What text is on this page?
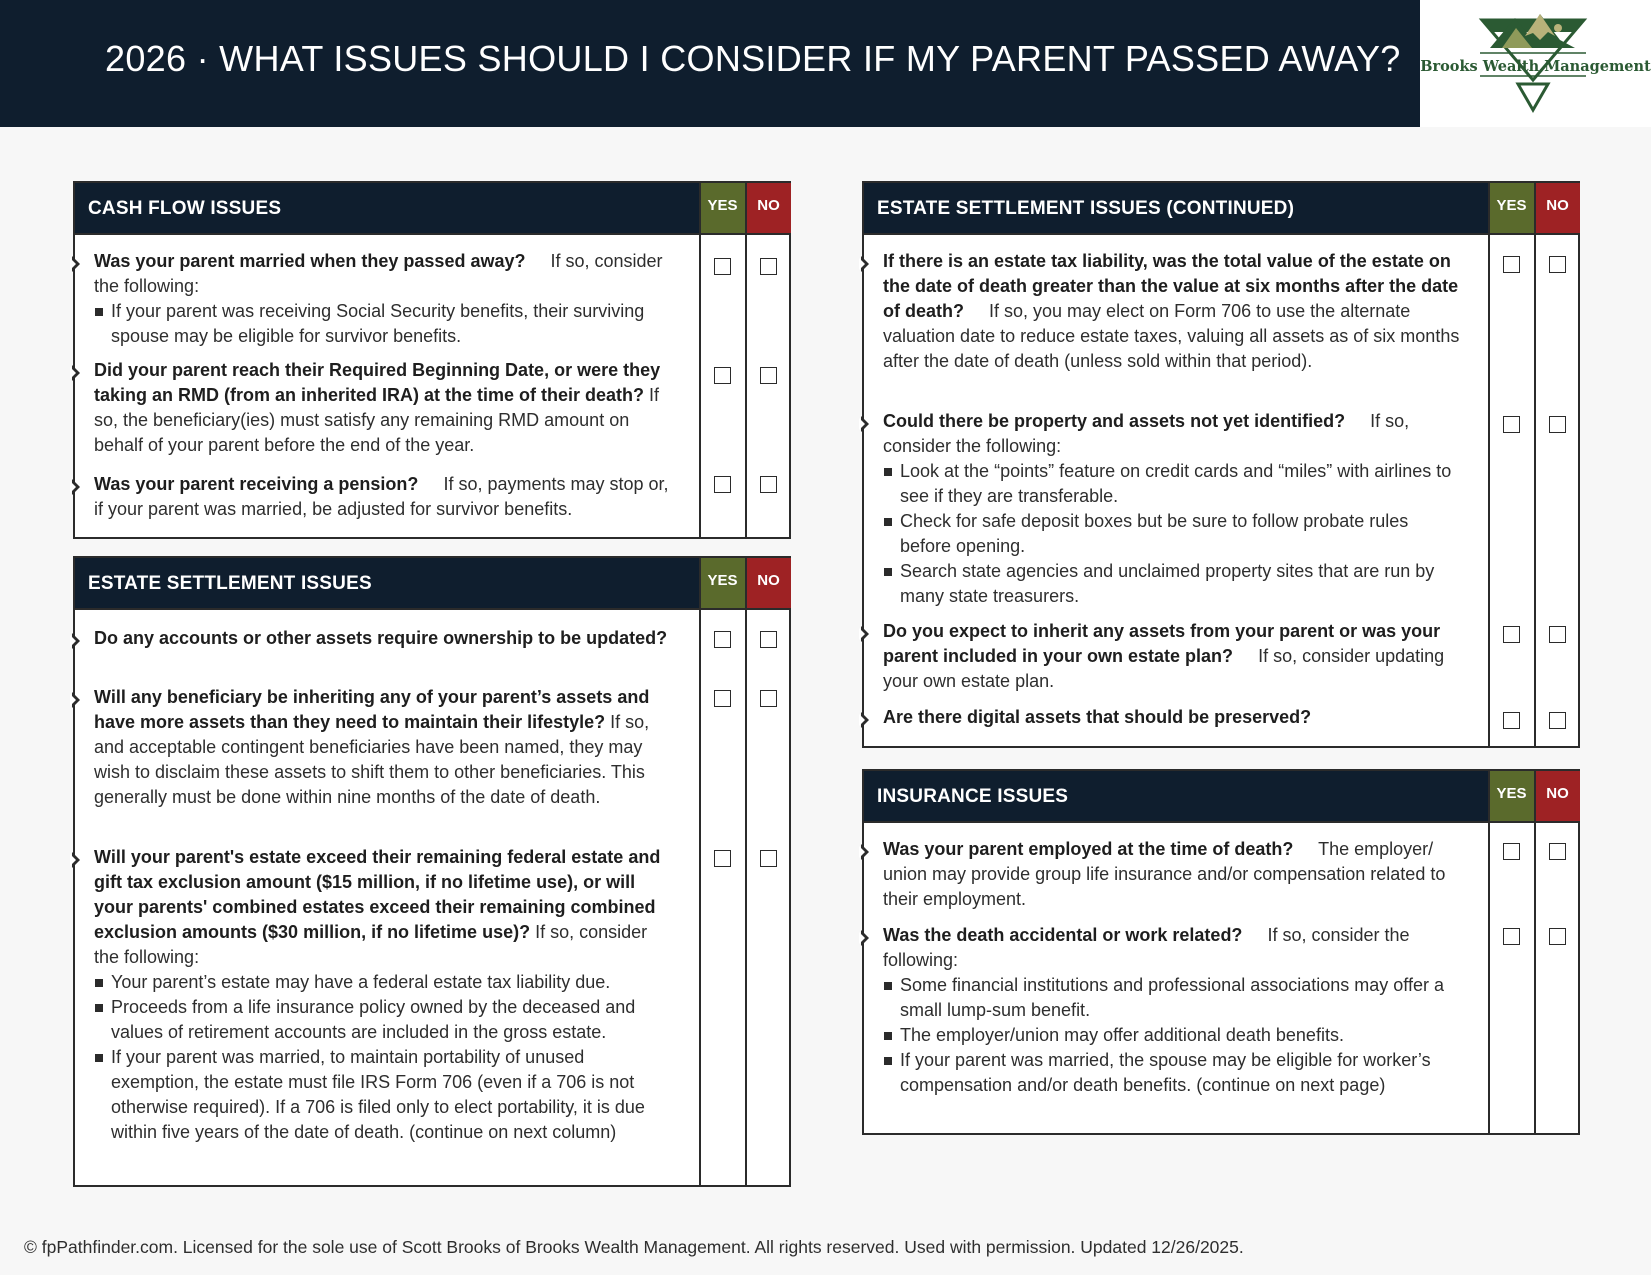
2026 · WHAT ISSUES SHOULD I CONSIDER IF MY PARENT PASSED AWAY? Brooks Wealth Management
CASH FLOW ISSUES	YES	NO
Was your parent married when they passed away? If so, consider the following:
If your parent was receiving Social Security benefits, their surviving spouse may be eligible for survivor benefits.
Did your parent reach their Required Beginning Date, or were they taking an RMD (from an inherited IRA) at the time of their death? If so, the beneficiary(ies) must satisfy any remaining RMD amount on behalf of your parent before the end of the year.
Was your parent receiving a pension? If so, payments may stop or, if your parent was married, be adjusted for survivor benefits.
ESTATE SETTLEMENT ISSUES	YES	NO
Do any accounts or other assets require ownership to be updated?
Will any beneficiary be inheriting any of your parent’s assets and have more assets than they need to maintain their lifestyle? If so, and acceptable contingent beneficiaries have been named, they may wish to disclaim these assets to shift them to other beneficiaries. This generally must be done within nine months of the date of death.
Will your parent's estate exceed their remaining federal estate and gift tax exclusion amount ($15 million, if no lifetime use), or will your parents' combined estates exceed their remaining combined exclusion amounts ($30 million, if no lifetime use)? If so, consider the following:
Your parent’s estate may have a federal estate tax liability due.
Proceeds from a life insurance policy owned by the deceased and values of retirement accounts are included in the gross estate.
If your parent was married, to maintain portability of unused exemption, the estate must file IRS Form 706 (even if a 706 is not otherwise required). If a 706 is filed only to elect portability, it is due within five years of the date of death. (continue on next column)
ESTATE SETTLEMENT ISSUES (CONTINUED)	YES	NO
If there is an estate tax liability, was the total value of the estate on the date of death greater than the value at six months after the date of death? If so, you may elect on Form 706 to use the alternate valuation date to reduce estate taxes, valuing all assets as of six months after the date of death (unless sold within that period).
Could there be property and assets not yet identified? If so, consider the following:
Look at the “points” feature on credit cards and “miles” with airlines to see if they are transferable.
Check for safe deposit boxes but be sure to follow probate rules before opening.
Search state agencies and unclaimed property sites that are run by many state treasurers.
Do you expect to inherit any assets from your parent or was your parent included in your own estate plan? If so, consider updating your own estate plan.
Are there digital assets that should be preserved?
INSURANCE ISSUES	YES	NO
Was your parent employed at the time of death? The employer/ union may provide group life insurance and/or compensation related to their employment.
Was the death accidental or work related? If so, consider the following:
Some financial institutions and professional associations may offer a small lump-sum benefit.
The employer/union may offer additional death benefits.
If your parent was married, the spouse may be eligible for worker’s compensation and/or death benefits. (continue on next page)
© fpPathfinder.com. Licensed for the sole use of Scott Brooks of Brooks Wealth Management. All rights reserved. Used with permission. Updated 12/26/2025.
